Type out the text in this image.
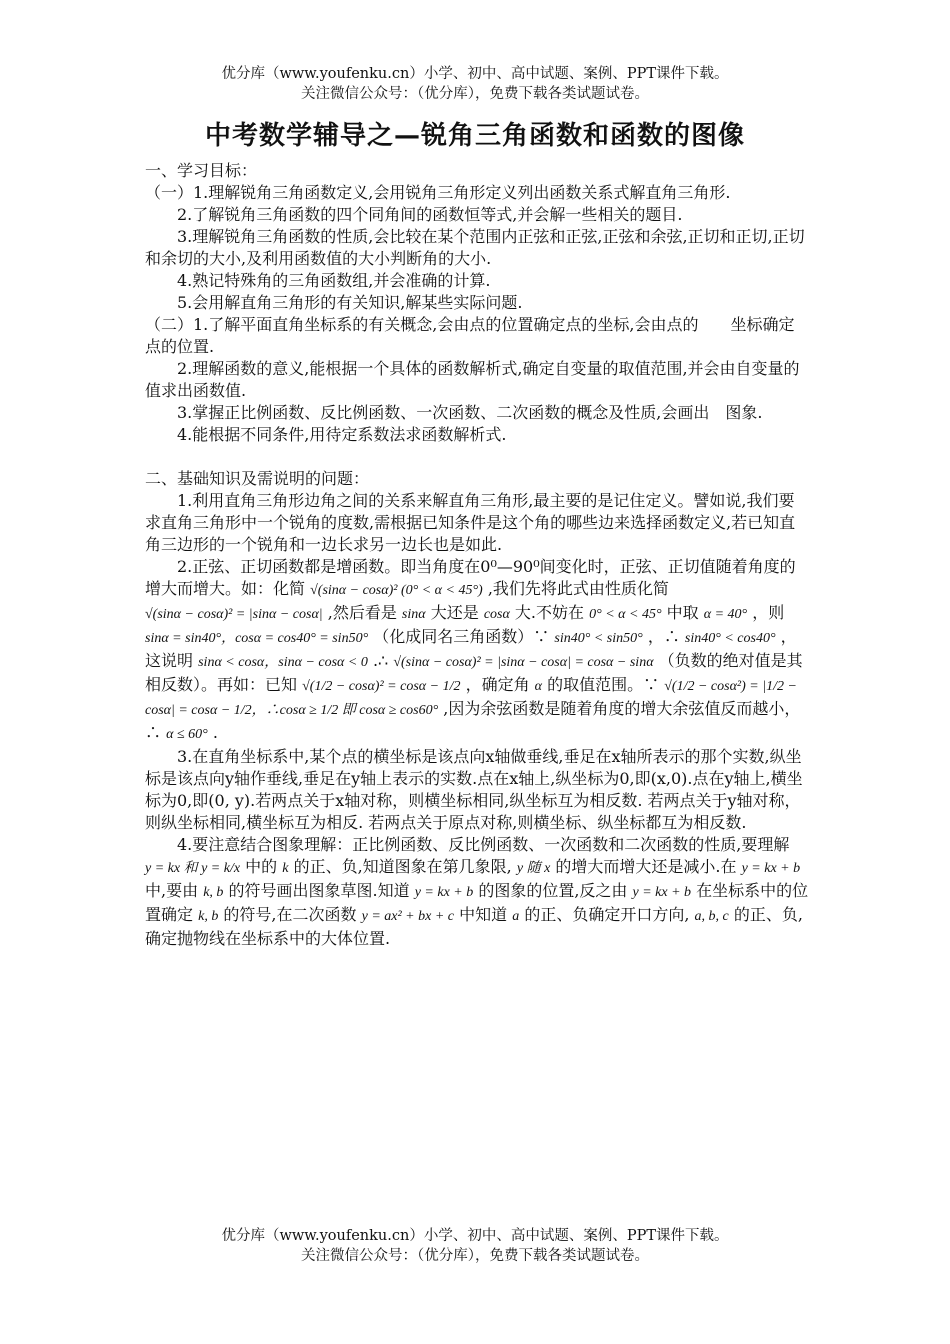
优分库（www.youfenku.cn）小学、初中、高中试题、案例、PPT课件下载。
关注微信公众号：（优分库），免费下载各类试题试卷。
中考数学辅导之—锐角三角函数和函数的图像

一、学习目标：

（一）1.理解锐角三角函数定义,会用锐角三角形定义列出函数关系式解直角三角形.

2.了解锐角三角函数的四个同角间的函数恒等式,并会解一些相关的题目.

3.理解锐角三角函数的性质,会比较在某个范围内正弦和正弦,正弦和余弦,正切和正切,正切和余切的大小,及利用函数值的大小判断角的大小.

4.熟记特殊角的三角函数组,并会准确的计算.

5.会用解直角三角形的有关知识,解某些实际问题.

（二）1.了解平面直角坐标系的有关概念,会由点的位置确定点的坐标,会由点的　　坐标确定点的位置.

2.理解函数的意义,能根据一个具体的函数解析式,确定自变量的取值范围,并会由自变量的值求出函数值.

3.掌握正比例函数、反比例函数、一次函数、二次函数的概念及性质,会画出　图象.

4.能根据不同条件,用待定系数法求函数解析式.

二、基础知识及需说明的问题：

1.利用直角三角形边角之间的关系来解直角三角形,最主要的是记住定义。譬如说,我们要求直角三角形中一个锐角的度数,需根据已知条件是这个角的哪些边来选择函数定义,若已知直角三边形的一个锐角和一边长求另一边长也是如此.

2.正弦、正切函数都是增函数。即当角度在0⁰—90⁰间变化时，正弦、正切值随着角度的增大而增大。如：化简 √(sinα − cosα)² (0° < α < 45°) ,我们先将此式由性质化简 √(sinα − cosα)² = |sinα − cosα| ,然后看是 sinα 大还是 cosα 大.不妨在 0° < α < 45° 中取 α = 40° ，则 sinα = sin40°，cosα = cos40° = sin50° （化成同名三角函数）∵ sin40° < sin50° ，∴ sin40° < cos40° ，这说明 sinα < cosα，sinα − cosα < 0 .∴ √(sinα − cosα)² = |sinα − cosα| = cosα − sinα （负数的绝对值是其相反数）。再如：已知 √(1/2 − cosα)² = cosα − 1/2 ，确定角 α 的取值范围。∵ √(1/2 − cosα²) = |1/2 − cosα| = cosα − 1/2，∴cosα ≥ 1/2 即 cosα ≥ cos60° ,因为余弦函数是随着角度的增大余弦值反而越小，∴ α ≤ 60° .

3.在直角坐标系中,某个点的横坐标是该点向x轴做垂线,垂足在x轴所表示的那个实数,纵坐标是该点向y轴作垂线,垂足在y轴上表示的实数.点在x轴上,纵坐标为0,即(x,0).点在y轴上,横坐标为0,即(0, y).若两点关于x轴对称，则横坐标相同,纵坐标互为相反数. 若两点关于y轴对称，则纵坐标相同,横坐标互为相反. 若两点关于原点对称,则横坐标、纵坐标都互为相反数.

4.要注意结合图象理解：正比例函数、反比例函数、一次函数和二次函数的性质,要理解 y = kx 和 y = k/x 中的 k 的正、负,知道图象在第几象限, y 随 x 的增大而增大还是减小.在 y = kx + b 中,要由 k, b 的符号画出图象草图.知道 y = kx + b 的图象的位置,反之由 y = kx + b 在坐标系中的位置确定 k, b 的符号,在二次函数 y = ax² + bx + c 中知道 a 的正、负确定开口方向, a, b, c 的正、负,确定抛物线在坐标系中的大体位置.

优分库（www.youfenku.cn）小学、初中、高中试题、案例、PPT课件下载。
关注微信公众号：（优分库），免费下载各类试题试卷。
